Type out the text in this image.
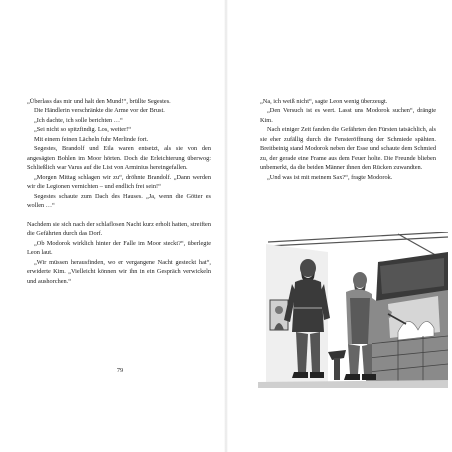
„Überlass das mir und halt den Mund!“, brüllte Segestes.

Die Händlerin verschränkte die Arme vor der Brust.

„Ich dachte, ich solle berichten …“

„Sei nicht so spitzfindig. Los, weiter!“

Mit einem feinen Lächeln fuhr Merlinde fort.

Segestes, Brandolf und Eila waren entsetzt, als sie von den angesägten Bohlen im Moor hörten. Doch die Erleichterung überwog: Schließlich war Varus auf die List von Arminius hereingefallen.

„Morgen Mittag schlagen wir zu“, dröhnte Brandolf. „Dann werden wir die Legionen vernichten – und endlich frei sein!“

Segestes schaute zum Dach des Hauses. „Ja, wenn die Götter es wollen …“

Nachdem sie sich nach der schlaflosen Nacht kurz erholt hatten, streiften die Gefährten durch das Dorf.

„Ob Modorok wirklich hinter der Falle im Moor steckt?“, überlegte Leon laut.

„Wir müssen herausfinden, wo er vergangene Nacht gesteckt hat“, erwiderte Kim. „Vielleicht können wir ihn in ein Gespräch verwickeln und aushorchen.“

79

„Na, ich weiß nicht“, sagte Leon wenig überzeugt.

„Den Versuch ist es wert. Lasst uns Modorok suchen“, drängte Kim.

Nach einiger Zeit fanden die Gefährten den Fürsten tatsächlich, als sie eher zufällig durch die Fensteröffnung der Schmiede spähten. Breitbeinig stand Modorok neben der Esse und schaute dem Schmied zu, der gerade eine Frame aus dem Feuer holte. Die Freunde blieben unbemerkt, da die beiden Männer ihnen den Rücken zuwandten.

„Und was ist mit meinem Sax?“, fragte Modorok.
